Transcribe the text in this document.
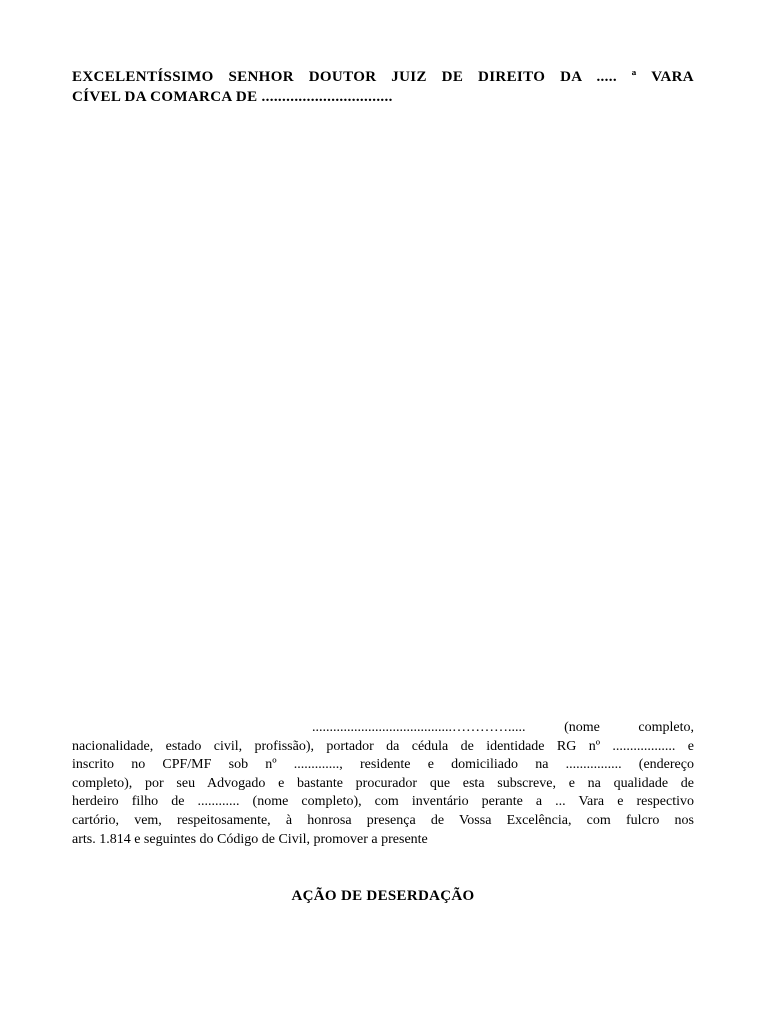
EXCELENTÍSSIMO SENHOR DOUTOR JUIZ DE DIREITO DA ..... ª VARA
CÍVEL DA COMARCA DE ................................

........................................…………..... (nome completo,
nacionalidade, estado civil, profissão), portador da cédula de identidade RG nº .................. e
inscrito no CPF/MF sob nº ............., residente e domiciliado na ................ (endereço
completo), por seu Advogado e bastante procurador que esta subscreve, e na qualidade de
herdeiro filho de ............ (nome completo), com inventário perante a ... Vara e respectivo
cartório, vem, respeitosamente, à honrosa presença de Vossa Excelência, com fulcro nos
arts. 1.814 e seguintes do Código de Civil, promover a presente

AÇÃO DE DESERDAÇÃO
